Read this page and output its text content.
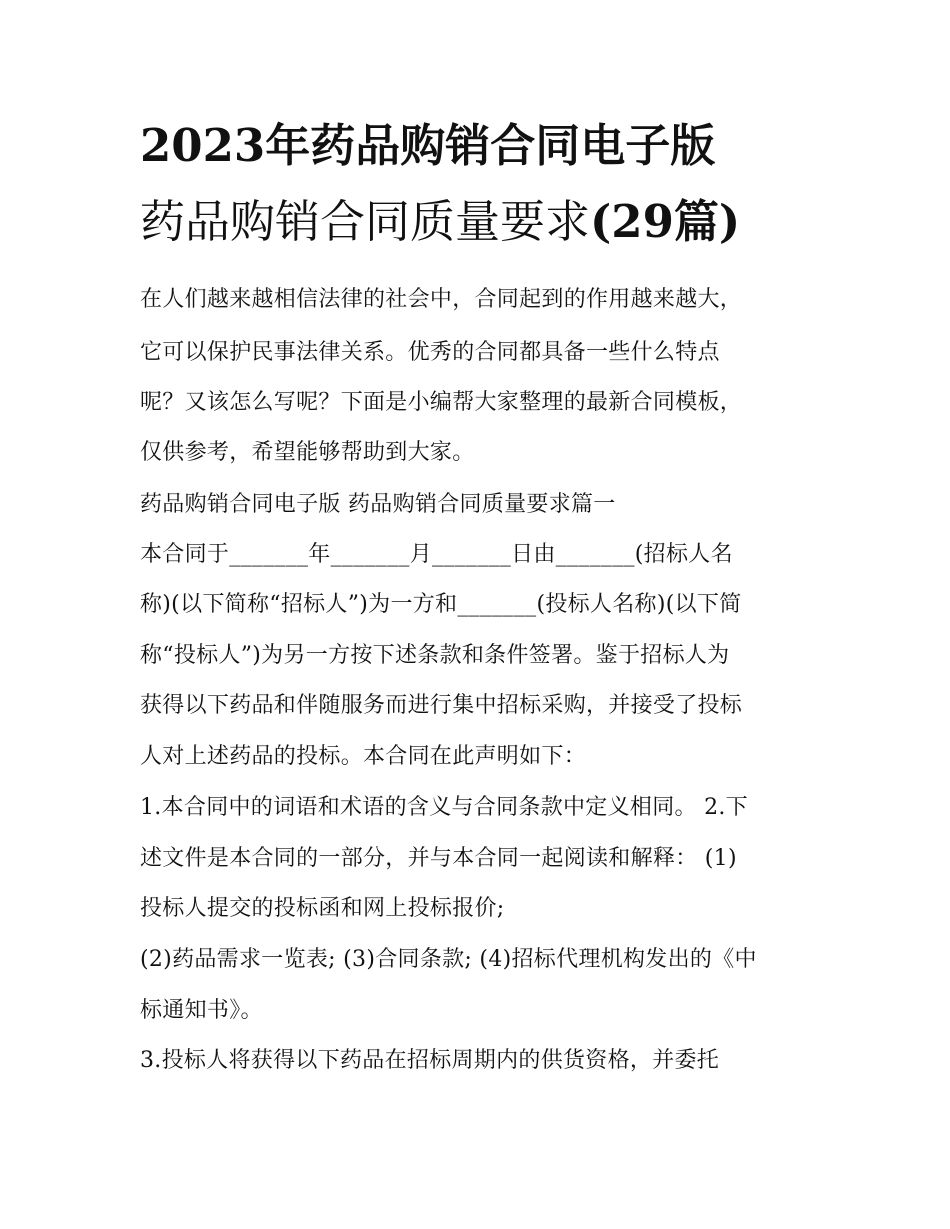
2023年药品购销合同电子版
药品购销合同质量要求(29篇)

在人们越来越相信法律的社会中，合同起到的作用越来越大，

它可以保护民事法律关系。优秀的合同都具备一些什么特点

呢？又该怎么写呢？下面是小编帮大家整理的最新合同模板，

仅供参考，希望能够帮助到大家。

药品购销合同电子版 药品购销合同质量要求篇一

本合同于_______年_______月_______日由_______(招标人名

称)(以下简称“招标人”)为一方和_______(投标人名称)(以下简

称“投标人”)为另一方按下述条款和条件签署。鉴于招标人为

获得以下药品和伴随服务而进行集中招标采购，并接受了投标

人对上述药品的投标。本合同在此声明如下：

1.本合同中的词语和术语的含义与合同条款中定义相同。 2.下

述文件是本合同的一部分，并与本合同一起阅读和解释： (1)

投标人提交的投标函和网上投标报价;

(2)药品需求一览表; (3)合同条款; (4)招标代理机构发出的《中

标通知书》。

3.投标人将获得以下药品在招标周期内的供货资格，并委托
